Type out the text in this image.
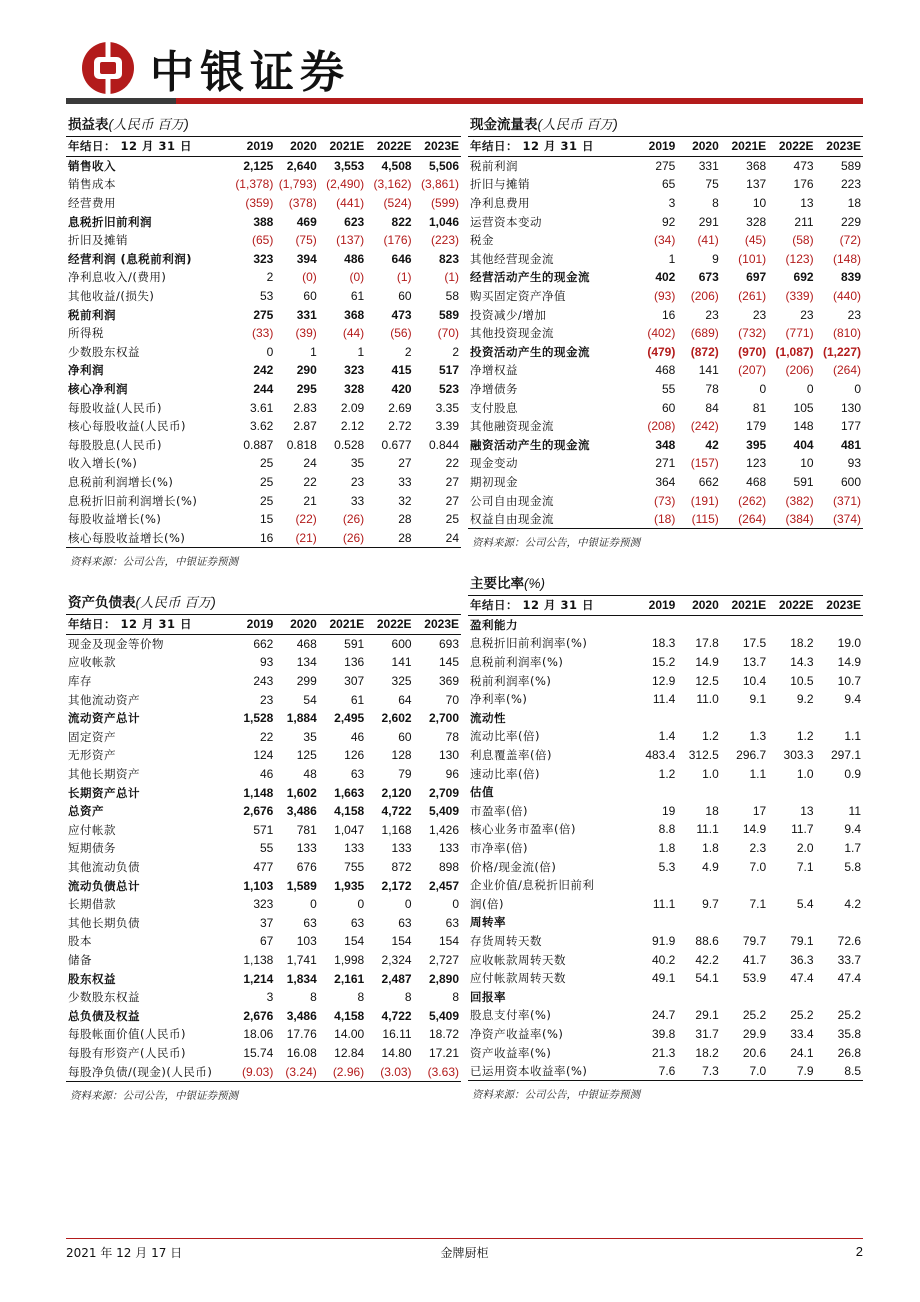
中银证券
损益表(人民币 百万)
年结日： 12 月 31 日	2019	2020	2021E	2022E	2023E
销售收入	2,125	2,640	3,553	4,508	5,506
销售成本	(1,378)	(1,793)	(2,490)	(3,162)	(3,861)
经营费用	(359)	(378)	(441)	(524)	(599)
息税折旧前利润	388	469	623	822	1,046
折旧及摊销	(65)	(75)	(137)	(176)	(223)
经营利润 (息税前利润)	323	394	486	646	823
净利息收入/(费用)	2	(0)	(0)	(1)	(1)
其他收益/(损失)	53	60	61	60	58
税前利润	275	331	368	473	589
所得税	(33)	(39)	(44)	(56)	(70)
少数股东权益	0	1	1	2	2
净利润	242	290	323	415	517
核心净利润	244	295	328	420	523
每股收益(人民币)	3.61	2.83	2.09	2.69	3.35
核心每股收益(人民币)	3.62	2.87	2.12	2.72	3.39
每股股息(人民币)	0.887	0.818	0.528	0.677	0.844
收入增长(%)	25	24	35	27	22
息税前利润增长(%)	25	22	23	33	27
息税折旧前利润增长(%)	25	21	33	32	27
每股收益增长(%)	15	(22)	(26)	28	25
核心每股收益增长(%)	16	(21)	(26)	28	24
资料来源：公司公告，中银证券预测
现金流量表(人民币 百万)
年结日： 12 月 31 日	2019	2020	2021E	2022E	2023E
税前利润	275	331	368	473	589
折旧与摊销	65	75	137	176	223
净利息费用	3	8	10	13	18
运营资本变动	92	291	328	211	229
税金	(34)	(41)	(45)	(58)	(72)
其他经营现金流	1	9	(101)	(123)	(148)
经营活动产生的现金流	402	673	697	692	839
购买固定资产净值	(93)	(206)	(261)	(339)	(440)
投资减少/增加	16	23	23	23	23
其他投资现金流	(402)	(689)	(732)	(771)	(810)
投资活动产生的现金流	(479)	(872)	(970)	(1,087)	(1,227)
净增权益	468	141	(207)	(206)	(264)
净增债务	55	78	0	0	0
支付股息	60	84	81	105	130
其他融资现金流	(208)	(242)	179	148	177
融资活动产生的现金流	348	42	395	404	481
现金变动	271	(157)	123	10	93
期初现金	364	662	468	591	600
公司自由现金流	(73)	(191)	(262)	(382)	(371)
权益自由现金流	(18)	(115)	(264)	(384)	(374)
资料来源：公司公告，中银证券预测
资产负债表(人民币 百万)
年结日： 12 月 31 日	2019	2020	2021E	2022E	2023E
现金及现金等价物	662	468	591	600	693
应收帐款	93	134	136	141	145
库存	243	299	307	325	369
其他流动资产	23	54	61	64	70
流动资产总计	1,528	1,884	2,495	2,602	2,700
固定资产	22	35	46	60	78
无形资产	124	125	126	128	130
其他长期资产	46	48	63	79	96
长期资产总计	1,148	1,602	1,663	2,120	2,709
总资产	2,676	3,486	4,158	4,722	5,409
应付帐款	571	781	1,047	1,168	1,426
短期债务	55	133	133	133	133
其他流动负债	477	676	755	872	898
流动负债总计	1,103	1,589	1,935	2,172	2,457
长期借款	323	0	0	0	0
其他长期负债	37	63	63	63	63
股本	67	103	154	154	154
储备	1,138	1,741	1,998	2,324	2,727
股东权益	1,214	1,834	2,161	2,487	2,890
少数股东权益	3	8	8	8	8
总负债及权益	2,676	3,486	4,158	4,722	5,409
每股帐面价值(人民币)	18.06	17.76	14.00	16.11	18.72
每股有形资产(人民币)	15.74	16.08	12.84	14.80	17.21
每股净负债/(现金)(人民币)	(9.03)	(3.24)	(2.96)	(3.03)	(3.63)
资料来源：公司公告，中银证券预测
主要比率(%)
年结日： 12 月 31 日	2019	2020	2021E	2022E	2023E
盈利能力					
息税折旧前利润率(%)	18.3	17.8	17.5	18.2	19.0
息税前利润率(%)	15.2	14.9	13.7	14.3	14.9
税前利润率(%)	12.9	12.5	10.4	10.5	10.7
净利率(%)	11.4	11.0	9.1	9.2	9.4
流动性					
流动比率(倍)	1.4	1.2	1.3	1.2	1.1
利息覆盖率(倍)	483.4	312.5	296.7	303.3	297.1
速动比率(倍)	1.2	1.0	1.1	1.0	0.9
估值					
市盈率(倍)	19	18	17	13	11
核心业务市盈率(倍)	8.8	11.1	14.9	11.7	9.4
市净率(倍)	1.8	1.8	2.3	2.0	1.7
价格/现金流(倍)	5.3	4.9	7.0	7.1	5.8
企业价值/息税折旧前利					
润(倍)	11.1	9.7	7.1	5.4	4.2
周转率					
存货周转天数	91.9	88.6	79.7	79.1	72.6
应收帐款周转天数	40.2	42.2	41.7	36.3	33.7
应付帐款周转天数	49.1	54.1	53.9	47.4	47.4
回报率					
股息支付率(%)	24.7	29.1	25.2	25.2	25.2
净资产收益率(%)	39.8	31.7	29.9	33.4	35.8
资产收益率(%)	21.3	18.2	20.6	24.1	26.8
已运用资本收益率(%)	7.6	7.3	7.0	7.9	8.5
资料来源：公司公告，中银证券预测
2021 年 12 月 17 日	金牌厨柜	2
